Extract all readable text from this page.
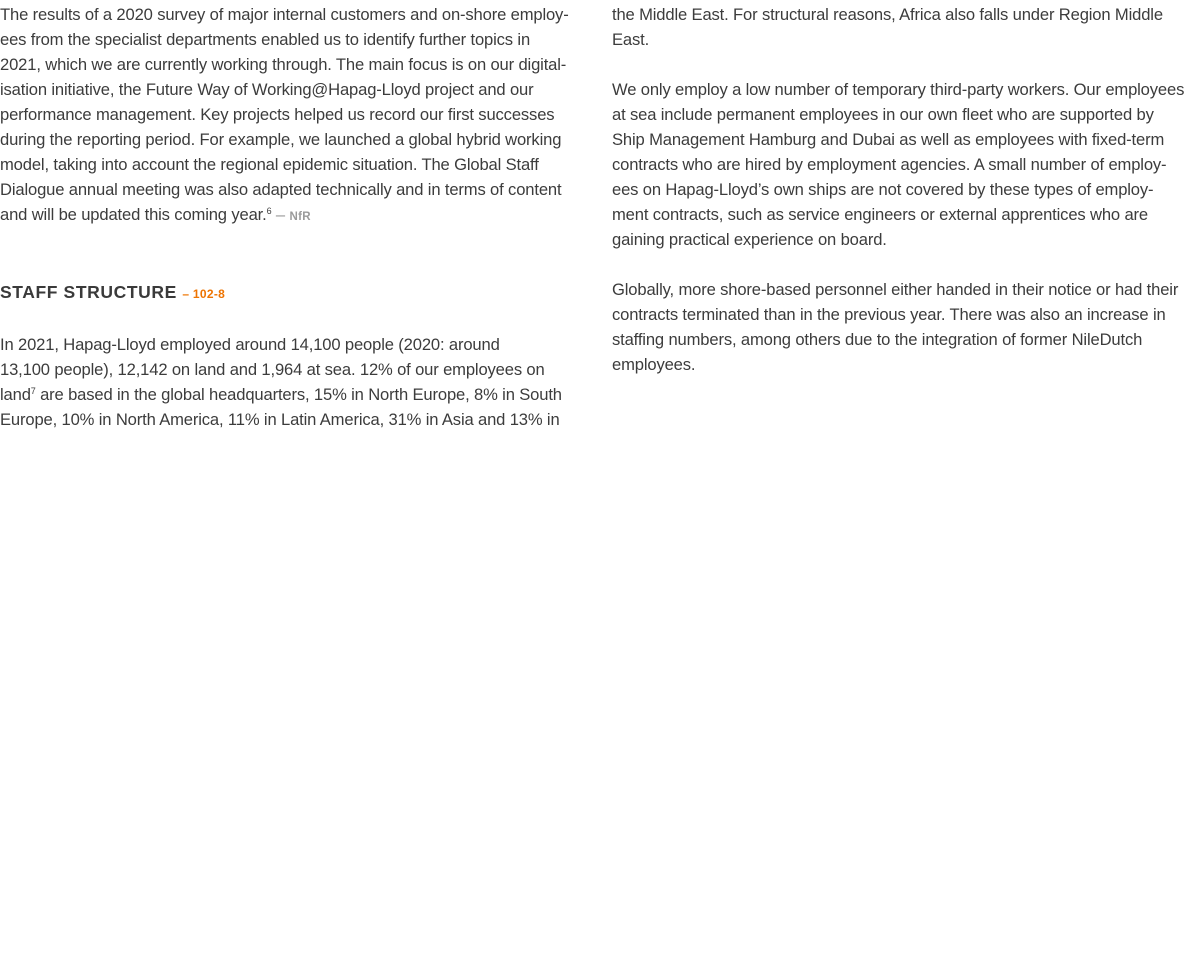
The results of a 2020 survey of major internal customers and on-shore employ-
ees from the specialist departments enabled us to identify further topics in
2021, which we are currently working through. The main focus is on our digital-
isation initiative, the Future Way of Working@Hapag-Lloyd project and our
performance management. Key projects helped us record our first successes
during the reporting period. For example, we launched a global hybrid working
model, taking into account the regional epidemic situation. The Global Staff
Dialogue annual meeting was also adapted technically and in terms of content
and will be updated this coming year.$^6$ – NfR

STAFF STRUCTURE – 102-8

In 2021, Hapag-Lloyd employed around 14,100 people (2020: around
13,100 people), 12,142 on land and 1,964 at sea. 12% of our employees on
land$^7$ are based in the global headquarters, 15% in North Europe, 8% in South
Europe, 10% in North America, 11% in Latin America, 31% in Asia and 13% in

the Middle East. For structural reasons, Africa also falls under Region Middle
East.

We only employ a low number of temporary third-party workers. Our employees
at sea include permanent employees in our own fleet who are supported by
Ship Management Hamburg and Dubai as well as employees with fixed-term
contracts who are hired by employment agencies. A small number of employ-
ees on Hapag-Lloyd’s own ships are not covered by these types of employ-
ment contracts, such as service engineers or external apprentices who are
gaining practical experience on board.

Globally, more shore-based personnel either handed in their notice or had their
contracts terminated than in the previous year. There was also an increase in
staffing numbers, among others due to the integration of former NileDutch
employees.
